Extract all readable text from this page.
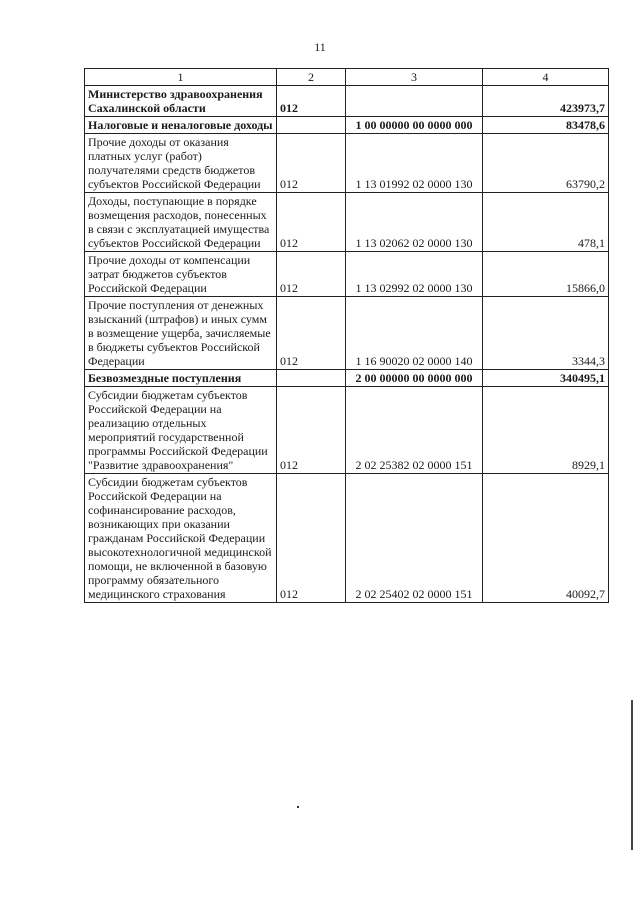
11
1	2	3	4
Министерство здравоохранения Сахалинской области	012		423973,7
Налоговые и неналоговые доходы		1 00 00000 00 0000 000	83478,6
Прочие доходы от оказания платных услуг (работ) получателями средств бюджетов субъектов Российской Федерации	012	1 13 01992 02 0000 130	63790,2
Доходы, поступающие в порядке возмещения расходов, понесенных в связи с эксплуатацией имущества субъектов Российской Федерации	012	1 13 02062 02 0000 130	478,1
Прочие доходы от компенсации затрат бюджетов субъектов Российской Федерации	012	1 13 02992 02 0000 130	15866,0
Прочие поступления от денежных взысканий (штрафов) и иных сумм в возмещение ущерба, зачисляемые в бюджеты субъектов Российской Федерации	012	1 16 90020 02 0000 140	3344,3
Безвозмездные поступления		2 00 00000 00 0000 000	340495,1
Субсидии бюджетам субъектов Российской Федерации на реализацию отдельных мероприятий государственной программы Российской Федерации "Развитие здравоохранения"	012	2 02 25382 02 0000 151	8929,1
Субсидии бюджетам субъектов Российской Федерации на софинансирование расходов, возникающих при оказании гражданам Российской Федерации высокотехнологичной медицинской помощи, не включенной в базовую программу обязательного медицинского страхования	012	2 02 25402 02 0000 151	40092,7
